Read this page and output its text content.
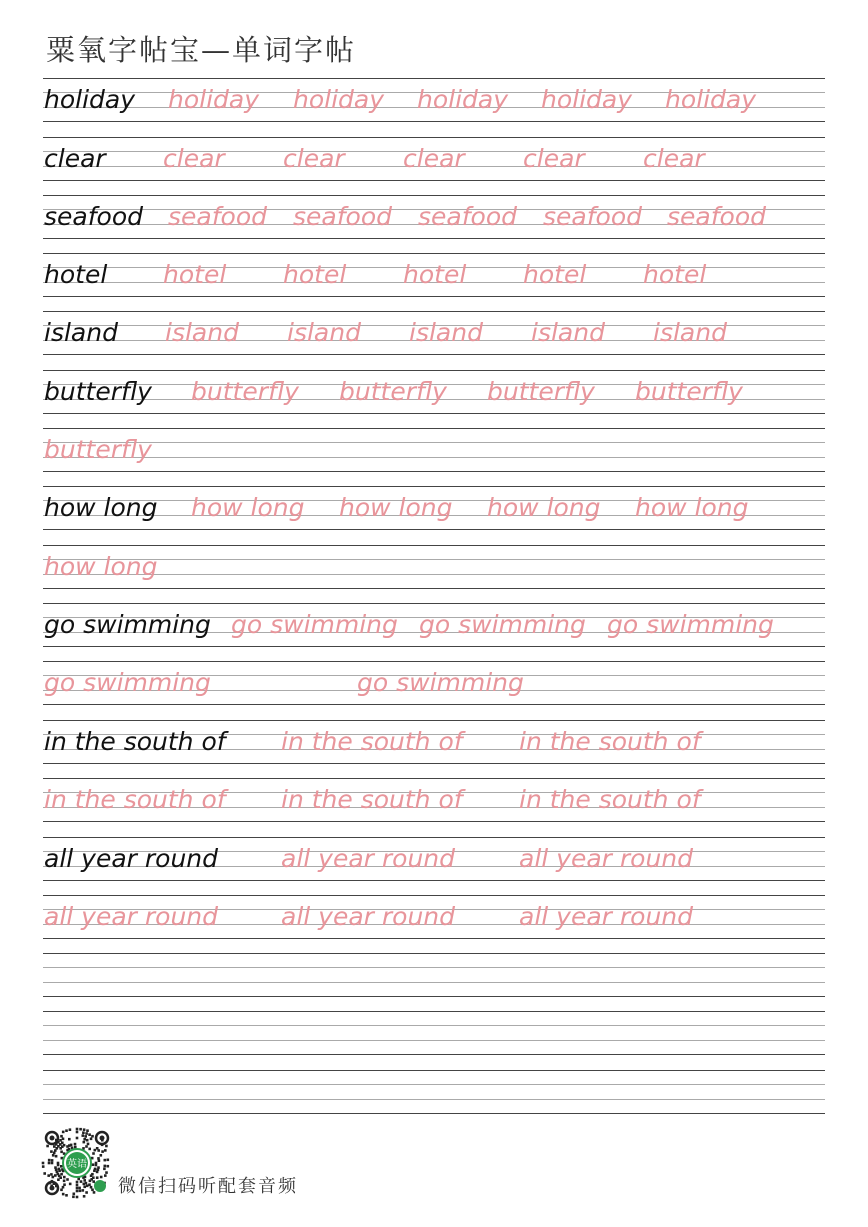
粟氧字帖宝—单词字帖
holiday holiday holiday holiday holiday holiday
clear clear clear clear clear clear
seafood seafood seafood seafood seafood seafood
hotel hotel hotel hotel hotel hotel
island island island island island island
butterfly butterfly butterfly butterfly butterfly
butterfly
how long how long how long how long how long
how long
go swimming go swimming go swimming go swimming
go swimming	go swimming
in the south of in the south of in the south of
in the south of in the south of in the south of
all year round	all year round	all year round
all year round	all year round	all year round
英语
微信扫码听配套音频
